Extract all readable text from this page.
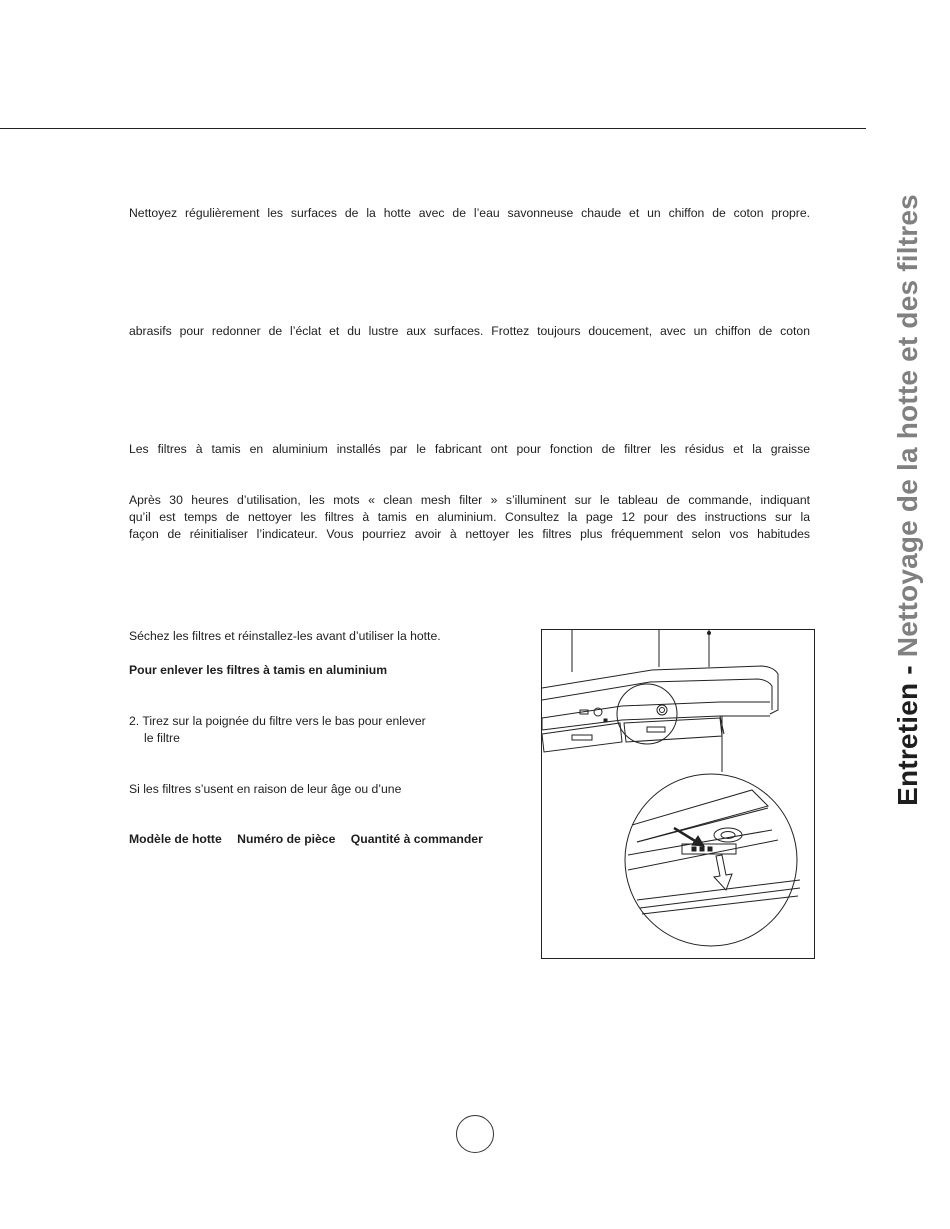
Entretien - Nettoyage de la hotte et des filtres

Nettoyez régulièrement les surfaces de la hotte avec de l’eau savonneuse chaude et un chiffon de coton propre.

abrasifs pour redonner de l’éclat et du lustre aux surfaces. Frottez toujours doucement, avec un chiffon de coton

Les filtres à tamis en aluminium installés par le fabricant ont pour fonction de filtrer les résidus et la graisse

Après 30 heures d’utilisation, les mots « clean mesh filter » s’illuminent sur le tableau de commande, indiquant
qu’il est temps de nettoyer les filtres à tamis en aluminium. Consultez la page 12 pour des instructions sur la
façon de réinitialiser l’indicateur. Vous pourriez avoir à nettoyer les filtres plus fréquemment selon vos habitudes

Séchez les filtres et réinstallez-les avant d’utiliser la hotte.

Pour enlever les filtres à tamis en aluminium

2. Tirez sur la poignée du filtre vers le bas pour enlever

le filtre

Si les filtres s’usent en raison de leur âge ou d’une

Modèle de hotte Numéro de pièce Quantité à commander
